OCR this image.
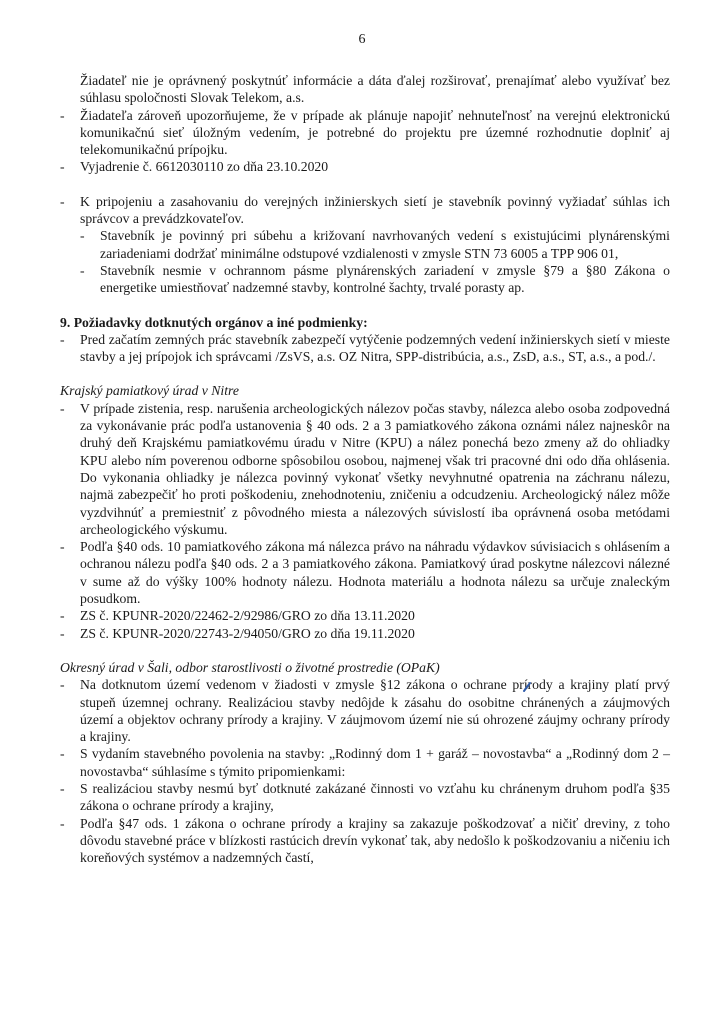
6

Žiadateľ nie je oprávnený poskytnúť informácie a dáta ďalej rozširovať, prenajímať alebo využívať bez súhlasu spoločnosti Slovak Telekom, a.s.

- Žiadateľa zároveň upozorňujeme, že v prípade ak plánuje napojiť nehnuteľnosť na verejnú elektronickú komunikačnú sieť úložným vedením, je potrebné do projektu pre územné rozhodnutie doplniť aj telekomunikačnú prípojku.
- Vyjadrenie č. 6612030110 zo dňa 23.10.2020
- K pripojeniu a zasahovaniu do verejných inžinierskych sietí je stavebník povinný vyžiadať súhlas ich správcov a prevádzkovateľov.
- Stavebník je povinný pri súbehu a križovaní navrhovaných vedení s existujúcimi plynárenskými zariadeniami dodržať minimálne odstupové vzdialenosti v zmysle STN 73 6005 a TPP 906 01,
- Stavebník nesmie v ochrannom pásme plynárenských zariadení v zmysle §79 a §80 Zákona o energetike umiestňovať nadzemné stavby, kontrolné šachty, trvalé porasty ap.

9. Požiadavky dotknutých orgánov a iné podmienky:

- Pred začatím zemných prác stavebník zabezpečí vytýčenie podzemných vedení inžinierskych sietí v mieste stavby a jej prípojok ich správcami /ZsVS, a.s. OZ Nitra, SPP-distribúcia, a.s., ZsD, a.s., ST, a.s., a pod./.

Krajský pamiatkový úrad v Nitre

- V prípade zistenia, resp. narušenia archeologických nálezov počas stavby, nálezca alebo osoba zodpovedná za vykonávanie prác podľa ustanovenia § 40 ods. 2 a 3 pamiatkového zákona oznámi nález najneskôr na druhý deň Krajskému pamiatkovému úradu v Nitre (KPU) a nález ponechá bezo zmeny až do ohliadky KPU alebo ním poverenou odborne spôsobilou osobou, najmenej však tri pracovné dni odo dňa ohlásenia. Do vykonania ohliadky je nálezca povinný vykonať všetky nevyhnutné opatrenia na záchranu nálezu, najmä zabezpečiť ho proti poškodeniu, znehodnoteniu, zničeniu a odcudzeniu. Archeologický nález môže vyzdvihnúť a premiestniť z pôvodného miesta a nálezových súvislostí iba oprávnená osoba metódami archeologického výskumu.
- Podľa §40 ods. 10 pamiatkového zákona má nálezca právo na náhradu výdavkov súvisiacich s ohlásením a ochranou nálezu podľa §40 ods. 2 a 3 pamiatkového zákona. Pamiatkový úrad poskytne nálezcovi nálezné v sume až do výšky 100% hodnoty nálezu. Hodnota materiálu a hodnota nálezu sa určuje znaleckým posudkom.
- ZS č. KPUNR-2020/22462-2/92986/GRO zo dňa 13.11.2020
- ZS č. KPUNR-2020/22743-2/94050/GRO zo dňa 19.11.2020

Okresný úrad v Šali, odbor starostlivosti o životné prostredie (OPaK)

- Na dotknutom území vedenom v žiadosti v zmysle §12 zákona o ochrane prírody a krajiny platí prvý stupeň územnej ochrany. Realizáciou stavby nedôjde k zásahu do osobitne chránených a záujmových území a objektov ochrany prírody a krajiny. V záujmovom území nie sú ohrozené záujmy ochrany prírody a krajiny.
- S vydaním stavebného povolenia na stavby: „Rodinný dom 1 + garáž – novostavba“ a „Rodinný dom 2 – novostavba“ súhlasíme s týmito pripomienkami:
- S realizáciou stavby nesmú byť dotknuté zakázané činnosti vo vzťahu ku chránenym druhom podľa §35 zákona o ochrane prírody a krajiny,
- Podľa §47 ods. 1 zákona o ochrane prírody a krajiny sa zakazuje poškodzovať a ničiť dreviny, z toho dôvodu stavebné práce v blízkosti rastúcich drevín vykonať tak, aby nedošlo k poškodzovaniu a ničeniu ich koreňových systémov a nadzemných častí,
